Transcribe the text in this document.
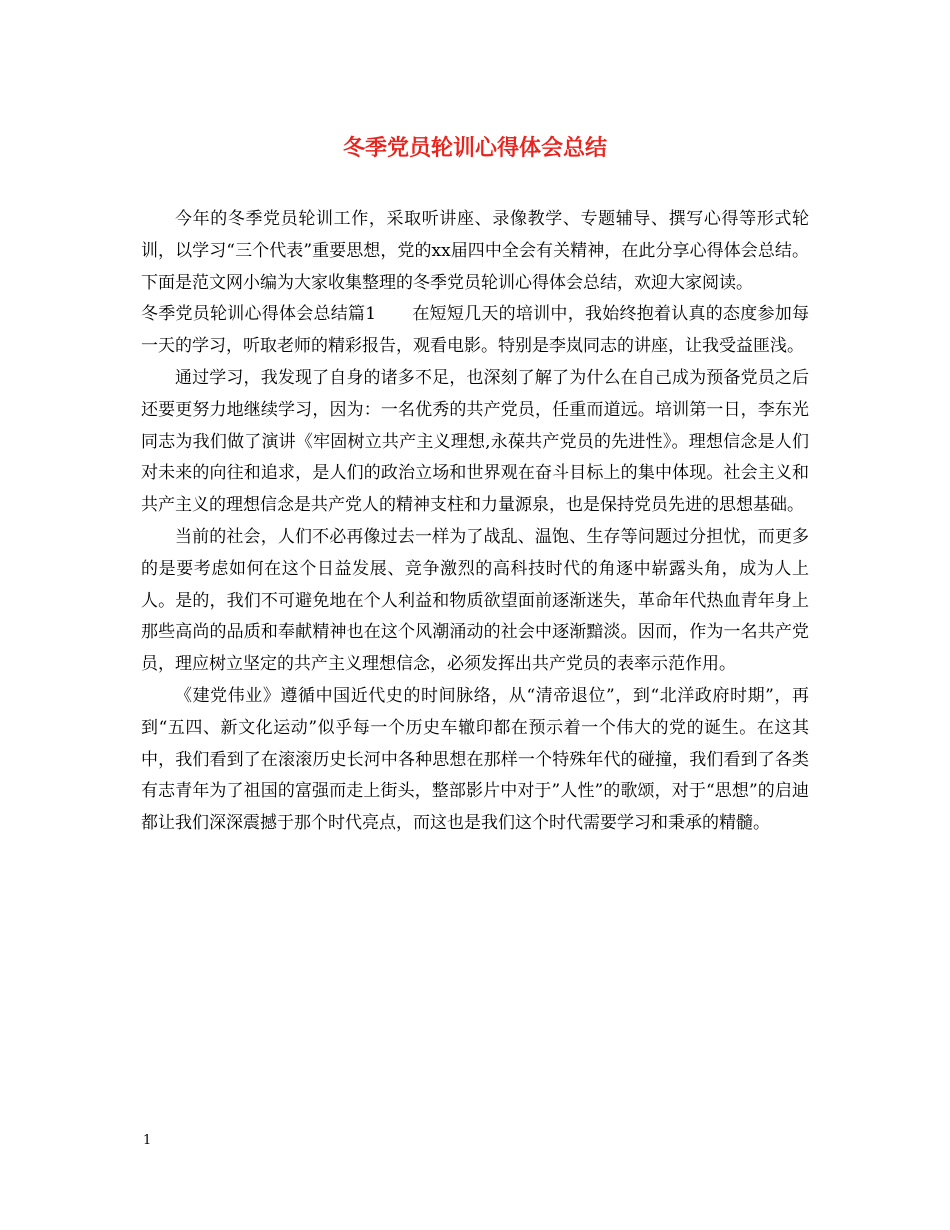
冬季党员轮训心得体会总结

今年的冬季党员轮训工作，采取听讲座、录像教学、专题辅导、撰写心得等形式轮训，以学习“三个代表”重要思想，党的xx届四中全会有关精神，在此分享心得体会总结。下面是范文网小编为大家收集整理的冬季党员轮训心得体会总结，欢迎大家阅读。

冬季党员轮训心得体会总结篇1 在短短几天的培训中，我始终抱着认真的态度参加每一天的学习，听取老师的精彩报告，观看电影。特别是李岚同志的讲座，让我受益匪浅。

通过学习，我发现了自身的诸多不足，也深刻了解了为什么在自己成为预备党员之后还要更努力地继续学习，因为：一名优秀的共产党员，任重而道远。培训第一日，李东光同志为我们做了演讲《牢固树立共产主义理想,永葆共产党员的先进性》。理想信念是人们对未来的向往和追求，是人们的政治立场和世界观在奋斗目标上的集中体现。社会主义和共产主义的理想信念是共产党人的精神支柱和力量源泉，也是保持党员先进的思想基础。

当前的社会，人们不必再像过去一样为了战乱、温饱、生存等问题过分担忧，而更多的是要考虑如何在这个日益发展、竞争激烈的高科技时代的角逐中崭露头角，成为人上人。是的，我们不可避免地在个人利益和物质欲望面前逐渐迷失，革命年代热血青年身上那些高尚的品质和奉献精神也在这个风潮涌动的社会中逐渐黯淡。因而，作为一名共产党员，理应树立坚定的共产主义理想信念，必须发挥出共产党员的表率示范作用。

《建党伟业》遵循中国近代史的时间脉络，从“清帝退位”，到“北洋政府时期”，再到“五四、新文化运动”似乎每一个历史车辙印都在预示着一个伟大的党的诞生。在这其中，我们看到了在滚滚历史长河中各种思想在那样一个特殊年代的碰撞，我们看到了各类有志青年为了祖国的富强而走上街头，整部影片中对于”人性”的歌颂，对于“思想”的启迪都让我们深深震撼于那个时代亮点，而这也是我们这个时代需要学习和秉承的精髓。

1
